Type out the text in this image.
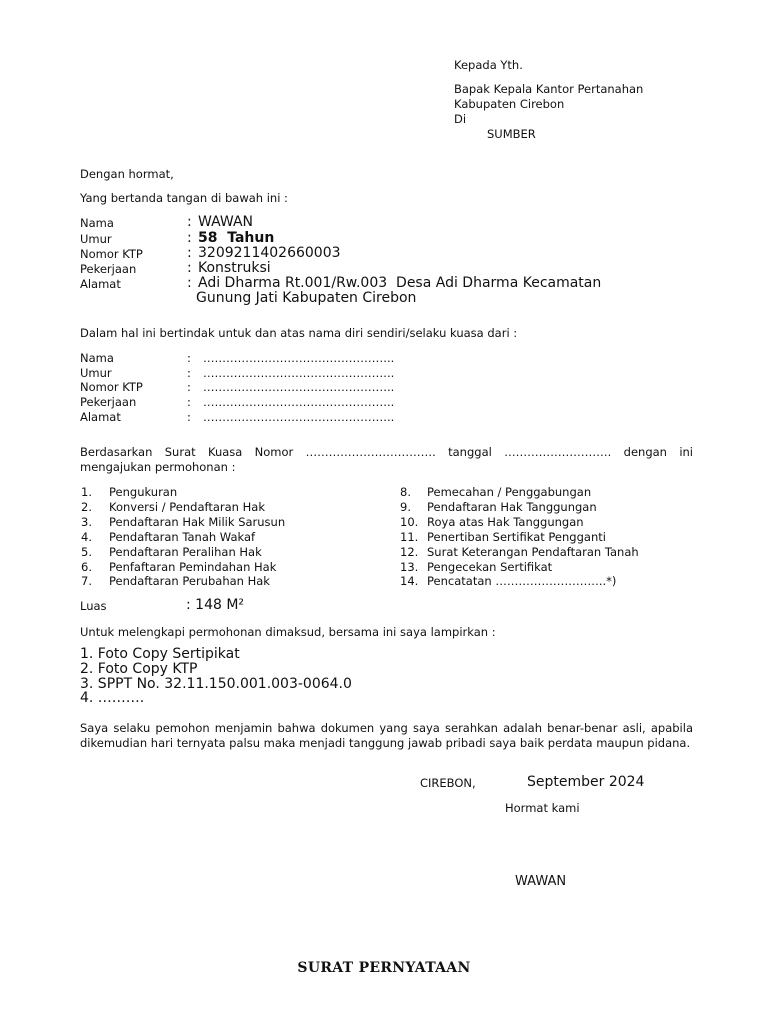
Kepada Yth.
Bapak Kepala Kantor Pertanahan
Kabupaten Cirebon
Di
SUMBER
Dengan hormat,
Yang bertanda tangan di bawah ini :
Nama	: WAWAN
Umur	: 58  Tahun
Nomor KTP	: 3209211402660003
Pekerjaan	: Konstruksi
Alamat	: Adi Dharma Rt.001/Rw.003  Desa Adi Dharma Kecamatan
Gunung Jati Kabupaten Cirebon
Dalam hal ini bertindak untuk dan atas nama diri sendiri/selaku kuasa dari :
Nama	: …………………………………………..
Umur	: …………………………………………..
Nomor KTP	: …………………………………………..
Pekerjaan	: …………………………………………..
Alamat	: …………………………………………..
Berdasarkan Surat Kuasa Nomor ……………………………. tanggal ………………………. dengan ini mengajukan permohonan :
1. Pengukuran
2. Konversi / Pendaftaran Hak
3. Pendaftaran Hak Milik Sarusun
4. Pendaftaran Tanah Wakaf
5. Pendaftaran Peralihan Hak
6. Penfaftaran Pemindahan Hak
7. Pendaftaran Perubahan Hak
8. Pemecahan / Penggabungan
9. Pendaftaran Hak Tanggungan
10. Roya atas Hak Tanggungan
11. Penertiban Sertifikat Pengganti
12. Surat Keterangan Pendaftaran Tanah
13. Pengecekan Sertifikat
14. Pencatatan ………………………..*)
Luas	: 148 M²
Untuk melengkapi permohonan dimaksud, bersama ini saya lampirkan :
1. Foto Copy Sertipikat
2. Foto Copy KTP
3. SPPT No. 32.11.150.001.003-0064.0
4. ……….
Saya selaku pemohon menjamin bahwa dokumen yang saya serahkan adalah benar-benar asli, apabila dikemudian hari ternyata palsu maka menjadi tanggung jawab pribadi saya baik perdata maupun pidana.
CIREBON,	September 2024
Hormat kami
WAWAN
SURAT PERNYATAAN
